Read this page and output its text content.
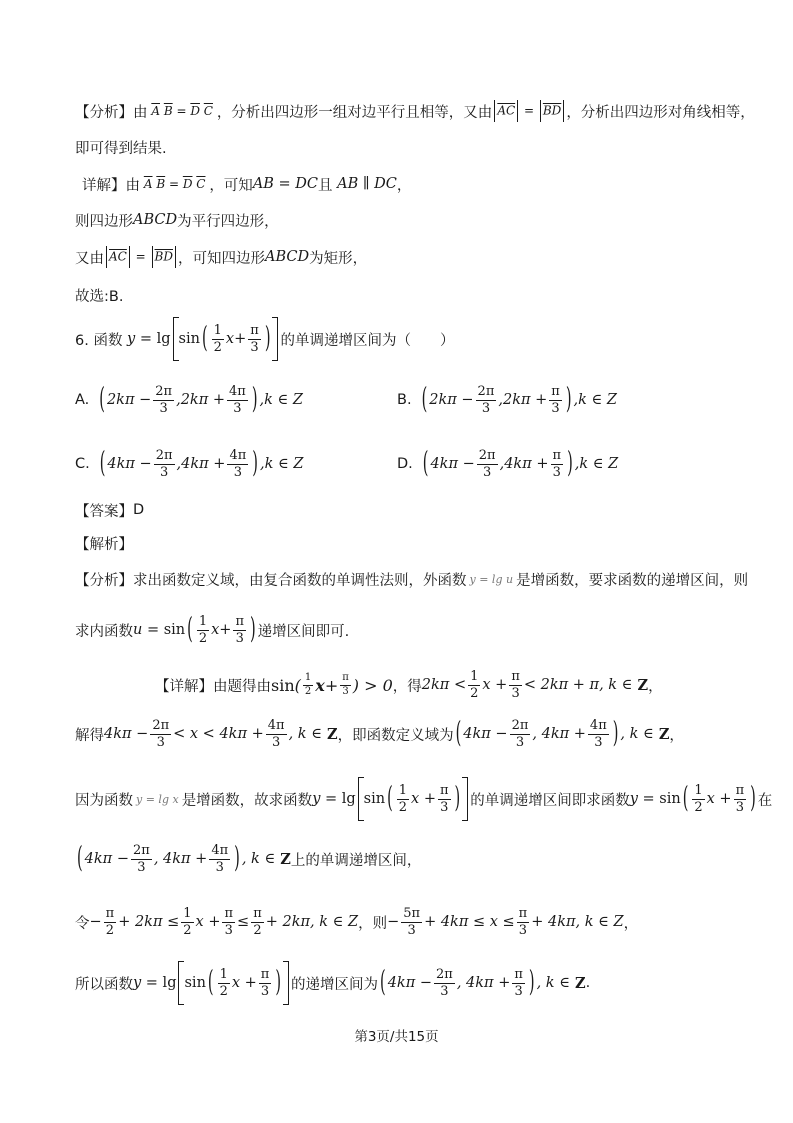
【分析】 由 $\overline{A}$ $\overline{B} = \overline{D}$ $\overline{C}$ ，分析出四边形一组对边平行且相等，又由 $\overline{AC} = \overline{BD}$ ，分析出四边形对角线相等，
即可得到结果.
详解】 由 $\overline{A}$ $\overline{B} = \overline{D}$ $\overline{C}$ ，可知 AB = DC 且 AB ∥ DC ，
则四边形 ABCD 为平行四边形，
又由 $\overline{AC} = \overline{BD}$ ，可知四边形 ABCD 为矩形，
故选:B.
6. 函数 y = lg sin ( $\frac{1}{2}$ $x + \frac{\pi}{3}$ ) 的单调递增区间为（　　）
A. ( $2k\pi - \frac{2\pi}{3}$ , $2k\pi + \frac{4\pi}{3}$ ) ,k ∈ Z	B. ( $2k\pi - \frac{2\pi}{3}$ , $2k\pi + \frac{\pi}{3}$ ) ,k ∈ Z
C. ( $4k\pi - \frac{2\pi}{3}$ , $4k\pi + \frac{4\pi}{3}$ ) ,k ∈ Z	D. ( $4k\pi - \frac{2\pi}{3}$ , $4k\pi + \frac{\pi}{3}$ ) ,k ∈ Z
【答案】 D
【解析】
【分析】 求出函数定义域，由复合函数的单调性法则，外函数 y = lg u 是增函数，要求函数的递增区间，则
求内函数 u = sin ( $\frac{1}{2}$ $x + \frac{\pi}{3}$ ) 递增区间即可.
【详解】 由题得由 sin ( $\frac{1}{2}$ $x + \frac{\pi}{3}$ ) > 0 ，得 $2k\pi < \frac{1}{2}$ $x + \frac{\pi}{3} < 2k\pi + \pi$, k ∈ Z ，
解得 $4k\pi - \frac{2\pi}{3} < x < 4k\pi + \frac{4\pi}{3}$ , k ∈ Z ，即函数定义域为 ( $4k\pi - \frac{2\pi}{3}$ , $4k\pi + \frac{4\pi}{3}$ ) , k ∈ Z ，
因为函数 y = lg x 是增函数，故求函数 y = lg sin ( $\frac{1}{2}$ $x + \frac{\pi}{3}$ ) 的单调递增区间即求函数 y = sin ( $\frac{1}{2}$ $x + \frac{\pi}{3}$ ) 在
( $4k\pi - \frac{2\pi}{3}$ , $4k\pi + \frac{4\pi}{3}$ ) , k ∈ Z 上的单调递增区间，
令 − $\frac{\pi}{2} + 2k\pi \le \frac{1}{2}$ $x + \frac{\pi}{3} \le \frac{\pi}{2} + 2k\pi$, k ∈ Z ，则 − $\frac{5\pi}{3} + 4k\pi \le x \le \frac{\pi}{3} + 4k\pi$, k ∈ Z ，
所以函数 y = lg sin ( $\frac{1}{2}$ $x + \frac{\pi}{3}$ ) 的递增区间为 ( $4k\pi - \frac{2\pi}{3}$ , $4k\pi + \frac{\pi}{3}$ ) , k ∈ Z .
第3页/共15页
